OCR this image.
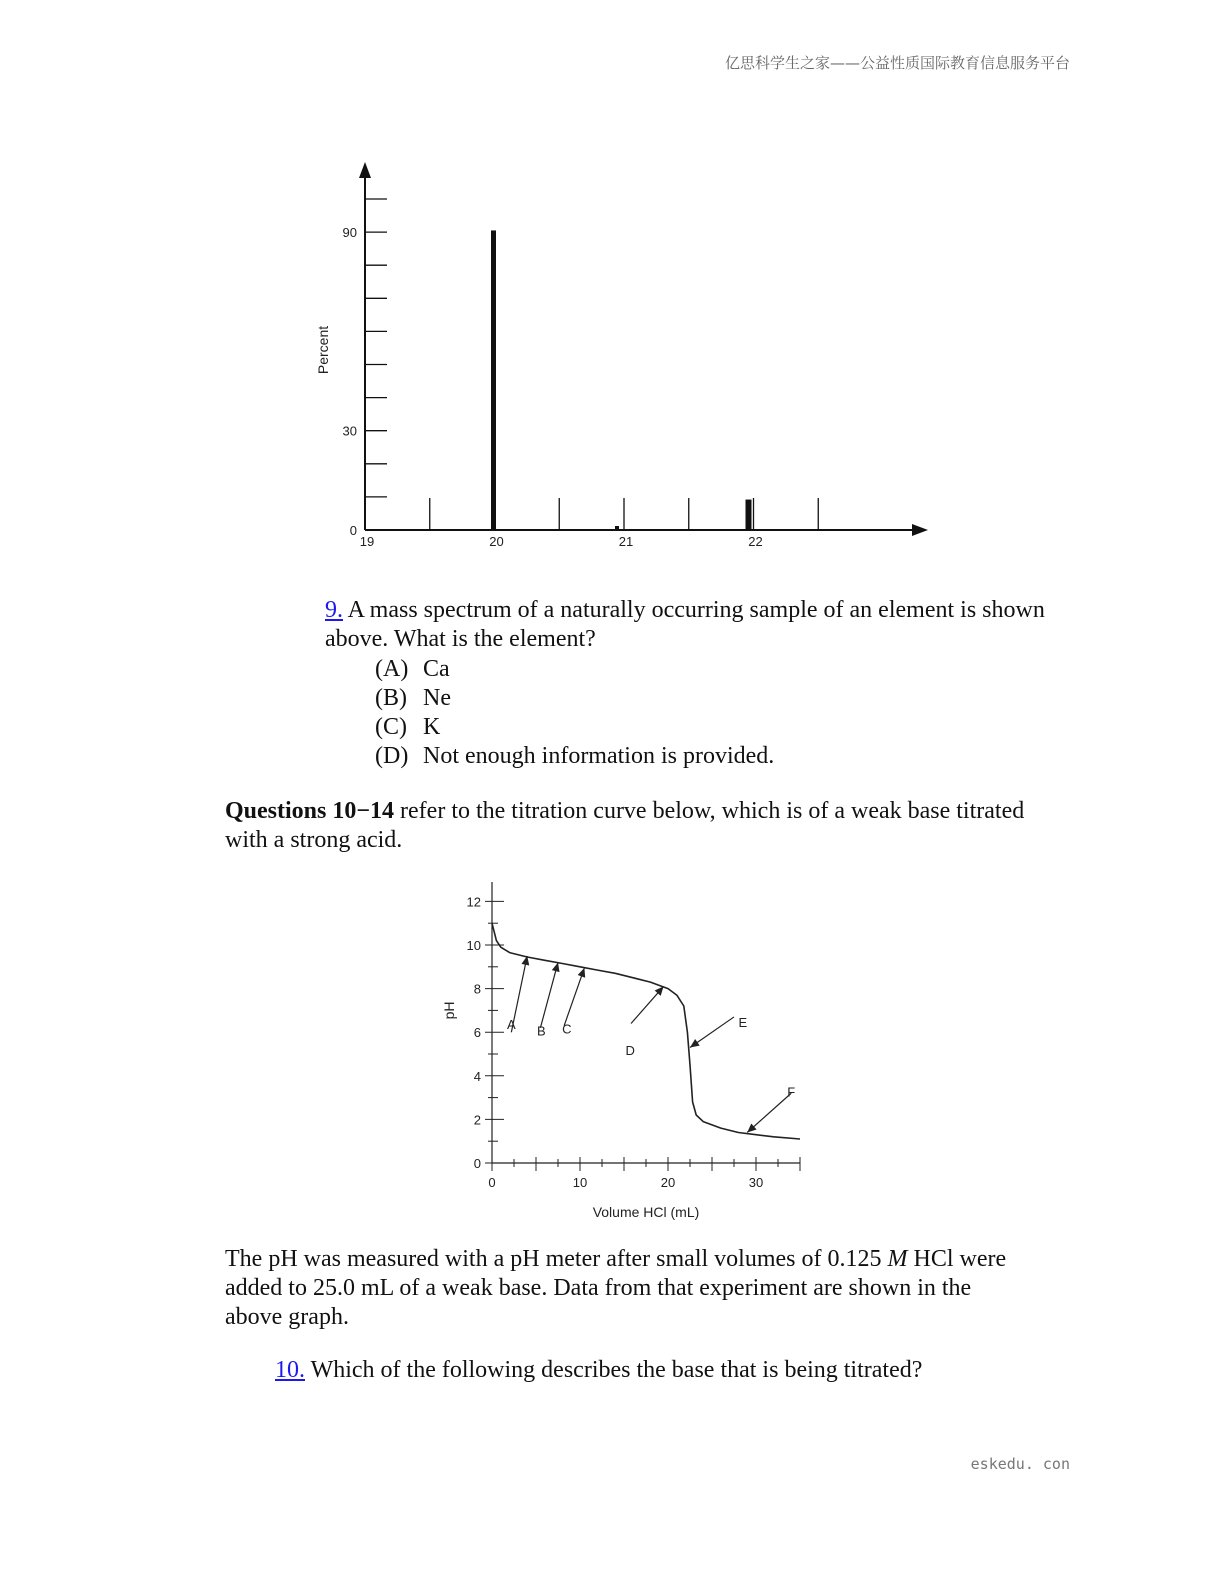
亿思科学生之家——公益性质国际教育信息服务平台
0
30
90
19	20	21	22
Percent
9. A mass spectrum of a naturally occurring sample of an element is shown above. What is the element?
(A) Ca
(B) Ne
(C) K
(D) Not enough information is provided.
Questions 10−14 refer to the titration curve below, which is of a weak base titrated with a strong acid.
0
2
4
6
8
10
12
0	10	20	30
Volume HCl (mL)
pH
A B C
D
E
F
The pH was measured with a pH meter after small volumes of 0.125 M HCl were added to 25.0 mL of a weak base. Data from that experiment are shown in the above graph.
10. Which of the following describes the base that is being titrated?
eskedu. con
